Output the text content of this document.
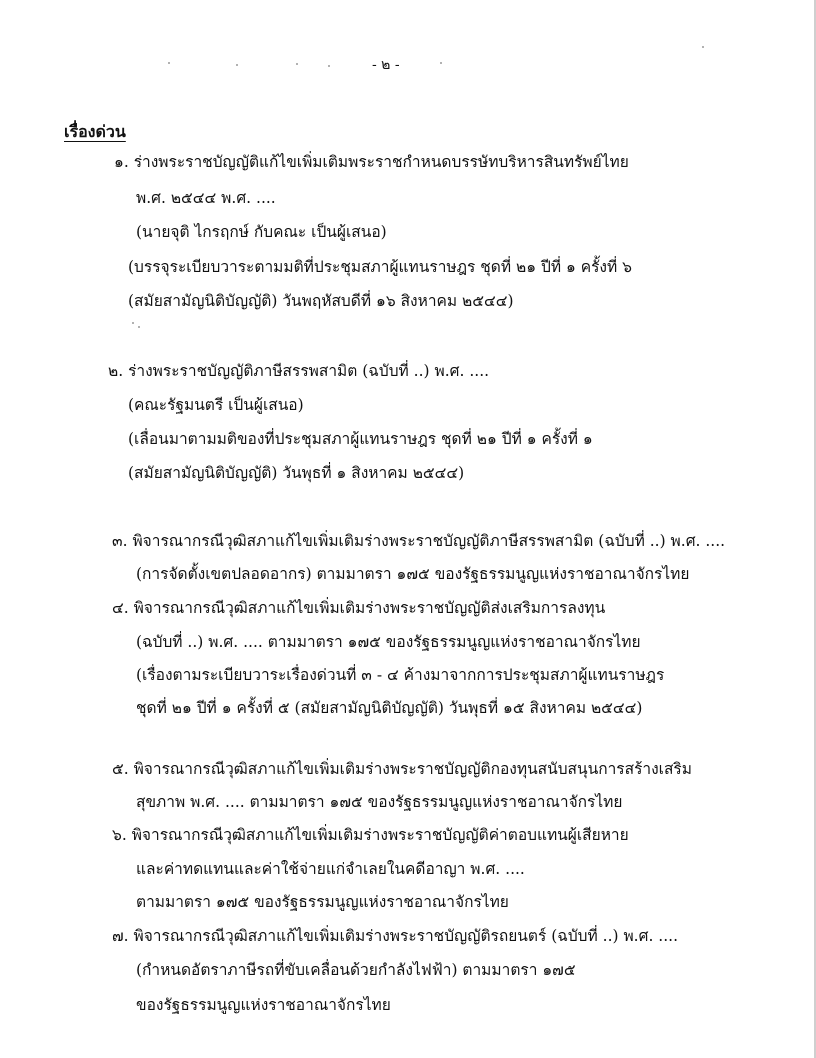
- ๒ -
เรื่องด่วน
๑. ร่างพระราชบัญญัติแก้ไขเพิ่มเติมพระราชกำหนดบรรษัทบริหารสินทรัพย์ไทย
พ.ศ. ๒๕๔๔ พ.ศ. ....
(นายจุติ ไกรฤกษ์ กับคณะ เป็นผู้เสนอ)
(บรรจุระเบียบวาระตามมติที่ประชุมสภาผู้แทนราษฎร ชุดที่ ๒๑ ปีที่ ๑ ครั้งที่ ๖
(สมัยสามัญนิติบัญญัติ) วันพฤหัสบดีที่ ๑๖ สิงหาคม ๒๕๔๔)
๒. ร่างพระราชบัญญัติภาษีสรรพสามิต (ฉบับที่ ..) พ.ศ. ....
(คณะรัฐมนตรี เป็นผู้เสนอ)
(เลื่อนมาตามมติของที่ประชุมสภาผู้แทนราษฎร ชุดที่ ๒๑ ปีที่ ๑ ครั้งที่ ๑
(สมัยสามัญนิติบัญญัติ) วันพุธที่ ๑ สิงหาคม ๒๕๔๔)
๓. พิจารณากรณีวุฒิสภาแก้ไขเพิ่มเติมร่างพระราชบัญญัติภาษีสรรพสามิต (ฉบับที่ ..) พ.ศ. ....
(การจัดตั้งเขตปลอดอากร) ตามมาตรา ๑๗๕ ของรัฐธรรมนูญแห่งราชอาณาจักรไทย
๔. พิจารณากรณีวุฒิสภาแก้ไขเพิ่มเติมร่างพระราชบัญญัติส่งเสริมการลงทุน
(ฉบับที่ ..) พ.ศ. .... ตามมาตรา ๑๗๕ ของรัฐธรรมนูญแห่งราชอาณาจักรไทย
(เรื่องตามระเบียบวาระเรื่องด่วนที่ ๓ - ๔ ค้างมาจากการประชุมสภาผู้แทนราษฎร
ชุดที่ ๒๑ ปีที่ ๑ ครั้งที่ ๕ (สมัยสามัญนิติบัญญัติ) วันพุธที่ ๑๕ สิงหาคม ๒๕๔๔)
๕. พิจารณากรณีวุฒิสภาแก้ไขเพิ่มเติมร่างพระราชบัญญัติกองทุนสนับสนุนการสร้างเสริม
สุขภาพ พ.ศ. .... ตามมาตรา ๑๗๕ ของรัฐธรรมนูญแห่งราชอาณาจักรไทย
๖. พิจารณากรณีวุฒิสภาแก้ไขเพิ่มเติมร่างพระราชบัญญัติค่าตอบแทนผู้เสียหาย
และค่าทดแทนและค่าใช้จ่ายแก่จำเลยในคดีอาญา พ.ศ. ....
ตามมาตรา ๑๗๕ ของรัฐธรรมนูญแห่งราชอาณาจักรไทย
๗. พิจารณากรณีวุฒิสภาแก้ไขเพิ่มเติมร่างพระราชบัญญัติรถยนตร์ (ฉบับที่ ..) พ.ศ. ....
(กำหนดอัตราภาษีรถที่ขับเคลื่อนด้วยกำลังไฟฟ้า) ตามมาตรา ๑๗๕
ของรัฐธรรมนูญแห่งราชอาณาจักรไทย
